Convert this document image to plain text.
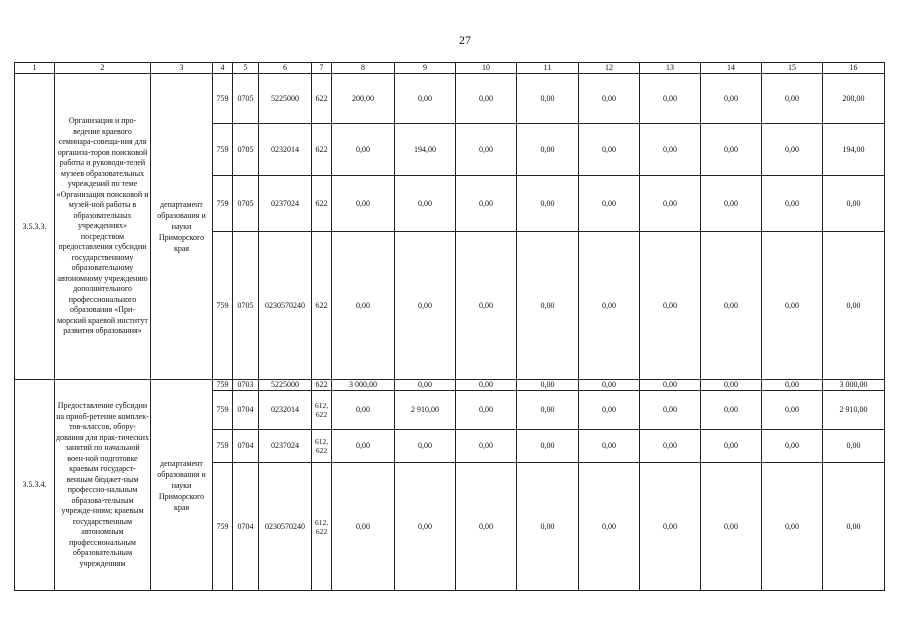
27
1	2	3	4	5	6	7	8	9	10	11	12	13	14	15	16
3.5.3.3.	Организация и про-ведение краевого семинара-совеща-ния для организа-торов поисковой работы и руководи-телей музеев образовательных учреждений по теме «Организация поисковой и музей-ной работы в образовательных учреждениях» посредством предоставления субсидии государственному образовательному автономному учреждению дополнительного профессионального образования «При-морский краевой институт развития образования»	департамент образования и науки Приморского края	759	0705	5225000	622	200,00	0,00	0,00	0,00	0,00	0,00	0,00	0,00	200,00
			759	0705	0232014	622	0,00	194,00	0,00	0,00	0,00	0,00	0,00	0,00	194,00
			759	0705	0237024	622	0,00	0,00	0,00	0,00	0,00	0,00	0,00	0,00	0,00
			759	0705	0230570240	622	0,00	0,00	0,00	0,00	0,00	0,00	0,00	0,00	0,00
3.5.3.4.	Предоставление субсидии на приоб-ретение комплек-тов-классов, обору-дования для прак-тических занятий по начальной воен-ной подготовке краевым государст-венным бюджет-ным профессио-нальным образова-тельным учрежде-ниям; краевым государственным автономным профессиональным образовательным учреждениям	департамент образования и науки Приморского края	759	0703	5225000	622	3 000,00	0,00	0,00	0,00	0,00	0,00	0,00	0,00	3 000,00
			759	0704	0232014	612, 622	0,00	2 910,00	0,00	0,00	0,00	0,00	0,00	0,00	2 910,00
			759	0704	0237024	612, 622	0,00	0,00	0,00	0,00	0,00	0,00	0,00	0,00	0,00
			759	0704	0230570240	612, 622	0,00	0,00	0,00	0,00	0,00	0,00	0,00	0,00	0,00
